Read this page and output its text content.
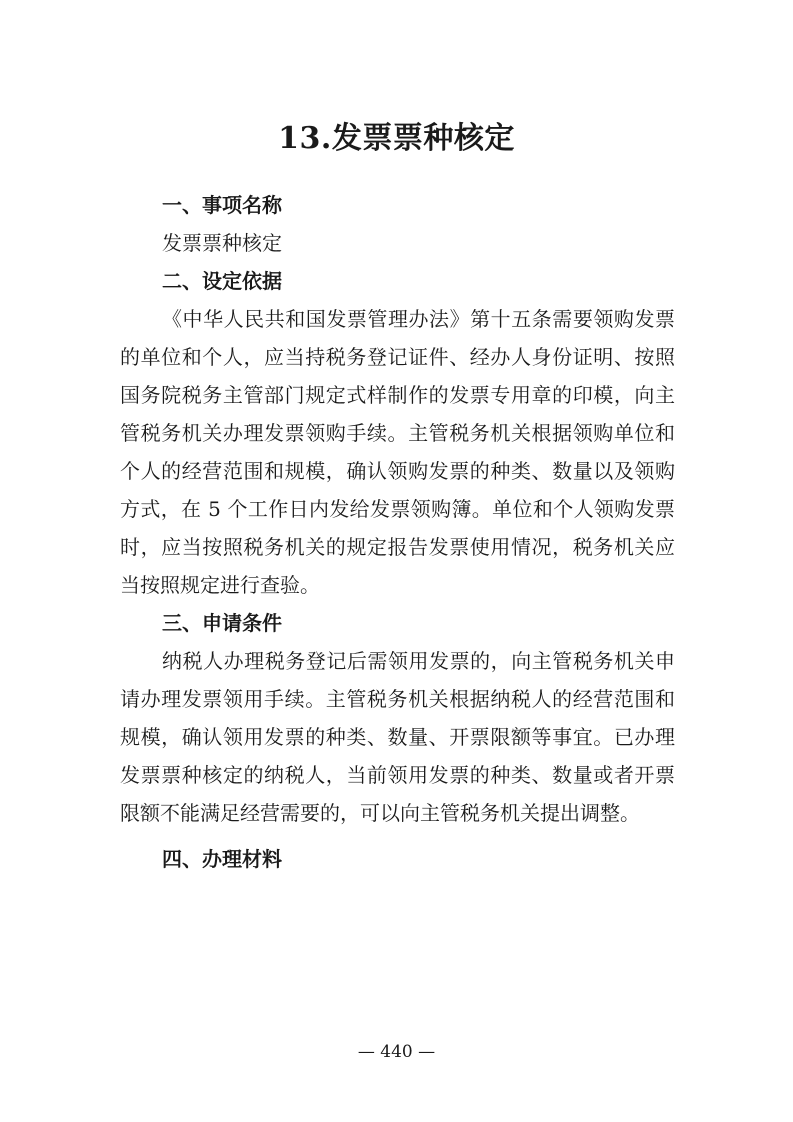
13.发票票种核定

一、事项名称

发票票种核定

二、设定依据

《中华人民共和国发票管理办法》第十五条需要领购发票的单位和个人，应当持税务登记证件、经办人身份证明、按照国务院税务主管部门规定式样制作的发票专用章的印模，向主管税务机关办理发票领购手续。主管税务机关根据领购单位和个人的经营范围和规模，确认领购发票的种类、数量以及领购方式，在 5 个工作日内发给发票领购簿。单位和个人领购发票时，应当按照税务机关的规定报告发票使用情况，税务机关应当按照规定进行查验。

三、申请条件

纳税人办理税务登记后需领用发票的，向主管税务机关申请办理发票领用手续。主管税务机关根据纳税人的经营范围和规模，确认领用发票的种类、数量、开票限额等事宜。已办理发票票种核定的纳税人，当前领用发票的种类、数量或者开票限额不能满足经营需要的，可以向主管税务机关提出调整。

四、办理材料

— 440 —
